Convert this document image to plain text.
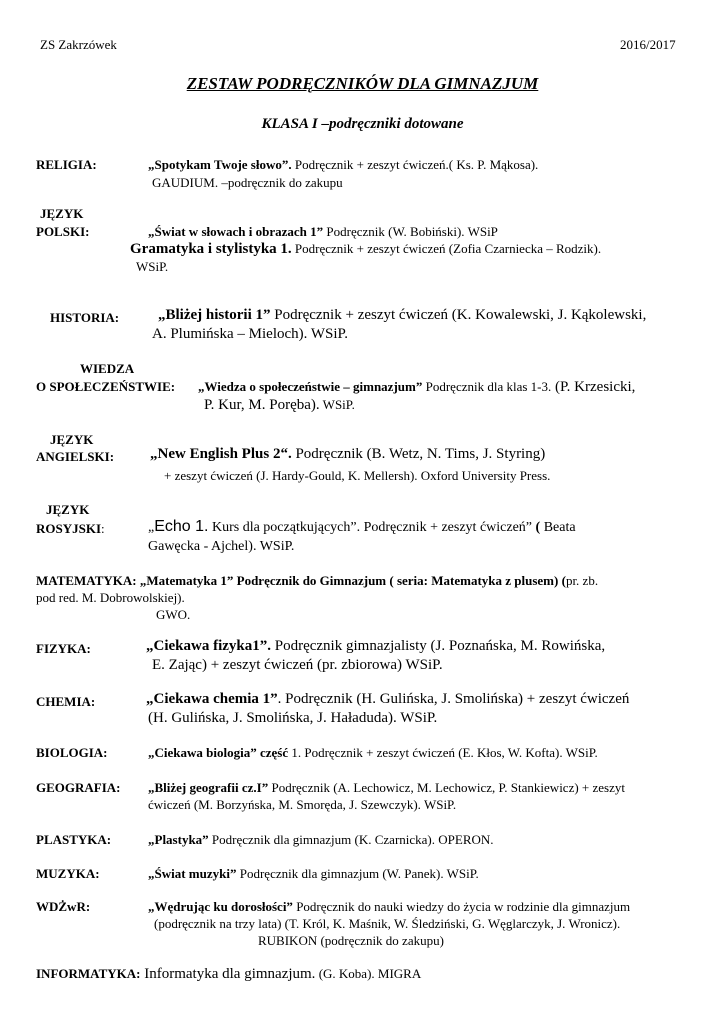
ZS Zakrzówek	2016/2017
ZESTAW PODRĘCZNIKÓW DLA GIMNAZJUM
KLASA I –podręczniki dotowane
RELIGIA:	„Spotykam Twoje słowo”. Podręcznik + zeszyt ćwiczeń.( Ks. P. Mąkosa).
GAUDIUM. –podręcznik do zakupu
JĘZYK
POLSKI:	„Świat w słowach i obrazach 1” Podręcznik (W. Bobiński). WSiP
Gramatyka i stylistyka 1. Podręcznik + zeszyt ćwiczeń (Zofia Czarniecka – Rodzik).
WSiP.
HISTORIA:	„Bliżej historii 1” Podręcznik + zeszyt ćwiczeń (K. Kowalewski, J. Kąkolewski,
A. Plumińska – Mieloch). WSiP.
WIEDZA
O SPOŁECZEŃSTWIE: „Wiedza o społeczeństwie – gimnazjum” Podręcznik dla klas 1-3. (P. Krzesicki,
P. Kur, M. Poręba). WSiP.
JĘZYK
ANGIELSKI: „New English Plus 2“. Podręcznik (B. Wetz, N. Tims, J. Styring)
+ zeszyt ćwiczeń (J. Hardy-Gould, K. Mellersh). Oxford University Press.
JĘZYK
ROSYJSKI:	„Echo 1. Kurs dla początkujących”. Podręcznik + zeszyt ćwiczeń” ( Beata
Gawęcka - Ajchel). WSiP.
MATEMATYKA: „Matematyka 1” Podręcznik do Gimnazjum ( seria: Matematyka z plusem) (pr. zb.
pod red. M. Dobrowolskiej).
GWO.
FIZYKA:	„Ciekawa fizyka1”. Podręcznik gimnazjalisty (J. Poznańska, M. Rowińska,
E. Zając) + zeszyt ćwiczeń (pr. zbiorowa) WSiP.
CHEMIA:	„Ciekawa chemia 1”. Podręcznik (H. Gulińska, J. Smolińska) + zeszyt ćwiczeń
(H. Gulińska, J. Smolińska, J. Haładuda). WSiP.
BIOLOGIA:	„Ciekawa biologia” część 1. Podręcznik + zeszyt ćwiczeń (E. Kłos, W. Kofta). WSiP.
GEOGRAFIA: „Bliżej geografii cz.I” Podręcznik (A. Lechowicz, M. Lechowicz, P. Stankiewicz) + zeszyt
ćwiczeń (M. Borzyńska, M. Smoręda, J. Szewczyk). WSiP.
PLASTYKA:	„Plastyka” Podręcznik dla gimnazjum (K. Czarnicka). OPERON.
MUZYKA:	„Świat muzyki” Podręcznik dla gimnazjum (W. Panek). WSiP.
WDŻwR:	„Wędrując ku dorosłości” Podręcznik do nauki wiedzy do życia w rodzinie dla gimnazjum
(podręcznik na trzy lata) (T. Król, K. Maśnik, W. Śledziński, G. Węglarczyk, J. Wronicz).
RUBIKON (podręcznik do zakupu)
INFORMATYKA: Informatyka dla gimnazjum. (G. Koba). MIGRA
